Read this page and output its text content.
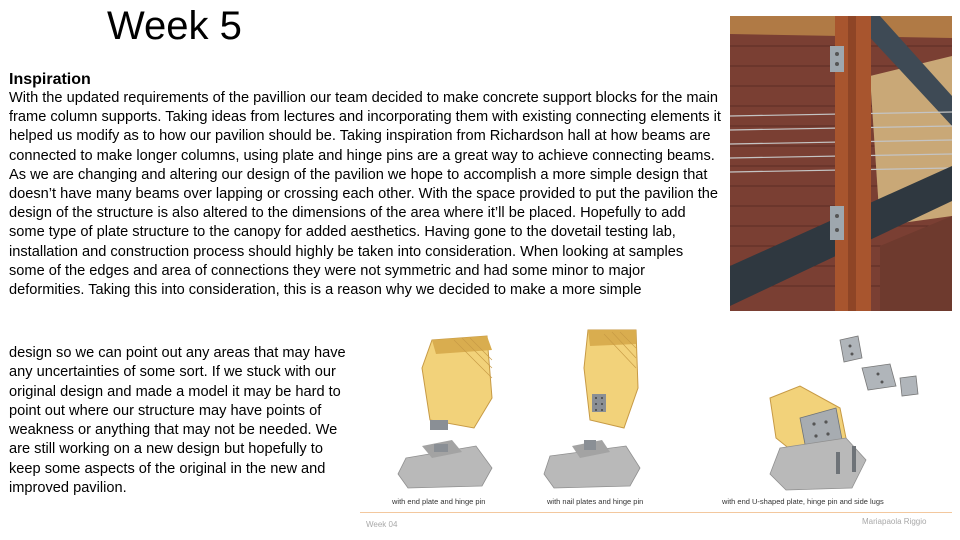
Week 5
Inspiration

With the updated requirements of the pavillion our team decided to make concrete support blocks for the main frame column supports. Taking ideas from lectures and incorporating them with existing connecting elements it helped us modify as to how our pavilion should be. Taking inspiration from Richardson hall at how beams are connected to make longer columns, using plate and hinge pins are a great way to achieve connecting beams. As we are changing and altering our design of the pavilion we hope to accomplish a more simple design that doesn’t have many beams over lapping or crossing each other. With the space provided to put the pavilion the design of the structure is also altered to the dimensions of the area where it’ll be placed. Hopefully to add some type of plate structure to the canopy for added aesthetics. Having gone to the dovetail testing lab, installation and construction process should highly be taken into consideration. When looking at samples some of the edges and area of connections they were not symmetric and had some minor to major deformities. Taking this into consideration, this is a reason why we decided to make a more simple

design so we can point out any areas that may have any uncertainties of some sort. If we stuck with our original design and made a model it may be hard to point out where our structure may have points of weakness or anything that may not be needed. We are still working on a new design but hopefully to keep some aspects of the original in the new and improved pavilion.
with end plate and hinge pin	with nail plates and hinge pin	with end U-shaped plate, hinge pin and side lugs
Week 04	Mariapaola Riggio
